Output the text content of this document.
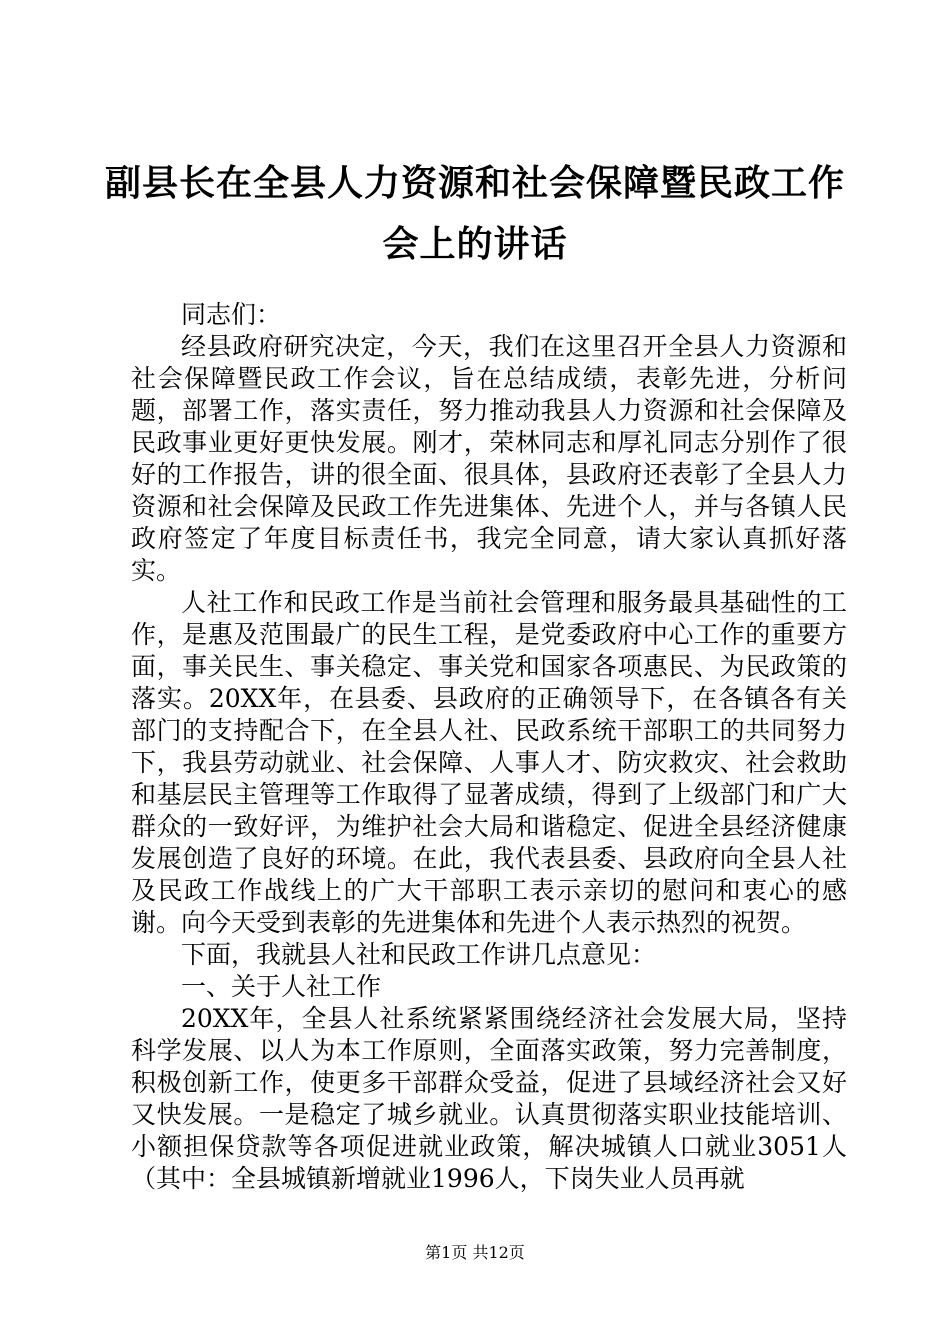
副县长在全县人力资源和社会保障暨民政工作
会上的讲话

同志们：

经县政府研究决定，今天，我们在这里召开全县人力资源和社会保障暨民政工作会议，旨在总结成绩，表彰先进，分析问题，部署工作，落实责任，努力推动我县人力资源和社会保障及民政事业更好更快发展。刚才，荣林同志和厚礼同志分别作了很好的工作报告，讲的很全面、很具体，县政府还表彰了全县人力资源和社会保障及民政工作先进集体、先进个人，并与各镇人民政府签定了年度目标责任书，我完全同意，请大家认真抓好落实。

人社工作和民政工作是当前社会管理和服务最具基础性的工作，是惠及范围最广的民生工程，是党委政府中心工作的重要方面，事关民生、事关稳定、事关党和国家各项惠民、为民政策的落实。20XX年，在县委、县政府的正确领导下，在各镇各有关部门的支持配合下，在全县人社、民政系统干部职工的共同努力下，我县劳动就业、社会保障、人事人才、防灾救灾、社会救助和基层民主管理等工作取得了显著成绩，得到了上级部门和广大群众的一致好评，为维护社会大局和谐稳定、促进全县经济健康发展创造了良好的环境。在此，我代表县委、县政府向全县人社及民政工作战线上的广大干部职工表示亲切的慰问和衷心的感谢。向今天受到表彰的先进集体和先进个人表示热烈的祝贺。

下面，我就县人社和民政工作讲几点意见：

一、关于人社工作

20XX年，全县人社系统紧紧围绕经济社会发展大局，坚持科学发展、以人为本工作原则，全面落实政策，努力完善制度，积极创新工作，使更多干部群众受益，促进了县域经济社会又好又快发展。一是稳定了城乡就业。认真贯彻落实职业技能培训、小额担保贷款等各项促进就业政策，解决城镇人口就业3051人（其中：全县城镇新增就业1996人，下岗失业人员再就

第1页 共12页
